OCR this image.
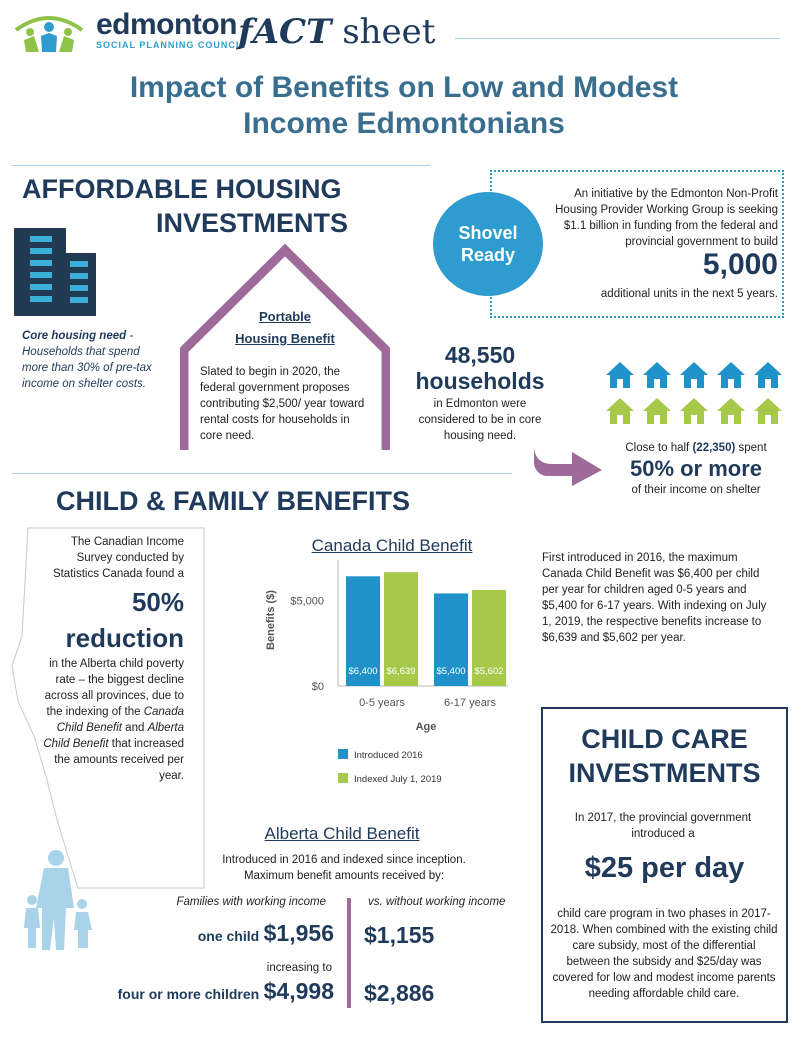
edmonton
SOCIAL PLANNING COUNCIL
fACT sheet
Impact of Benefits on Low and Modest
Income Edmontonians
AFFORDABLE HOUSING
INVESTMENTS
Core housing need - Households that spend more than 30% of pre-tax income on shelter costs.
Portable
Housing Benefit
Slated to begin in 2020, the federal government proposes contributing $2,500/ year toward rental costs for households in core need.
Shovel
Ready
An initiative by the Edmonton Non-Profit Housing Provider Working Group is seeking $1.1 billion in funding from the federal and provincial government to build
5,000
additional units in the next 5 years.
48,550
households
in Edmonton were considered to be in core housing need.
Close to half (22,350) spent
50% or more
of their income on shelter
CHILD & FAMILY BENEFITS
The Canadian Income Survey conducted by Statistics Canada found a
50%
reduction
in the Alberta child poverty rate – the biggest decline across all provinces, due to the indexing of the Canada Child Benefit and Alberta Child Benefit that increased the amounts received per year.
Canada Child Benefit
$0
$5,000
Benefits ($)
$6,400 $6,639
0-5 years
$5,400 $5,602
6-17 years
Age
Introduced 2016
Indexed July 1, 2019
First introduced in 2016, the maximum Canada Child Benefit was $6,400 per child per year for children aged 0-5 years and $5,400 for 6-17 years. With indexing on July 1, 2019, the respective benefits increase to $6,639 and $5,602 per year.
Alberta Child Benefit
Introduced in 2016 and indexed since inception.
Maximum benefit amounts received by:
Families with working income	vs. without working income
one child $1,956 $1,155
increasing to
four or more children $4,998 $2,886
CHILD CARE
INVESTMENTS
In 2017, the provincial government introduced a
$25 per day
child care program in two phases in 2017-2018. When combined with the existing child care subsidy, most of the differential between the subsidy and $25/day was covered for low and modest income parents needing affordable child care.
